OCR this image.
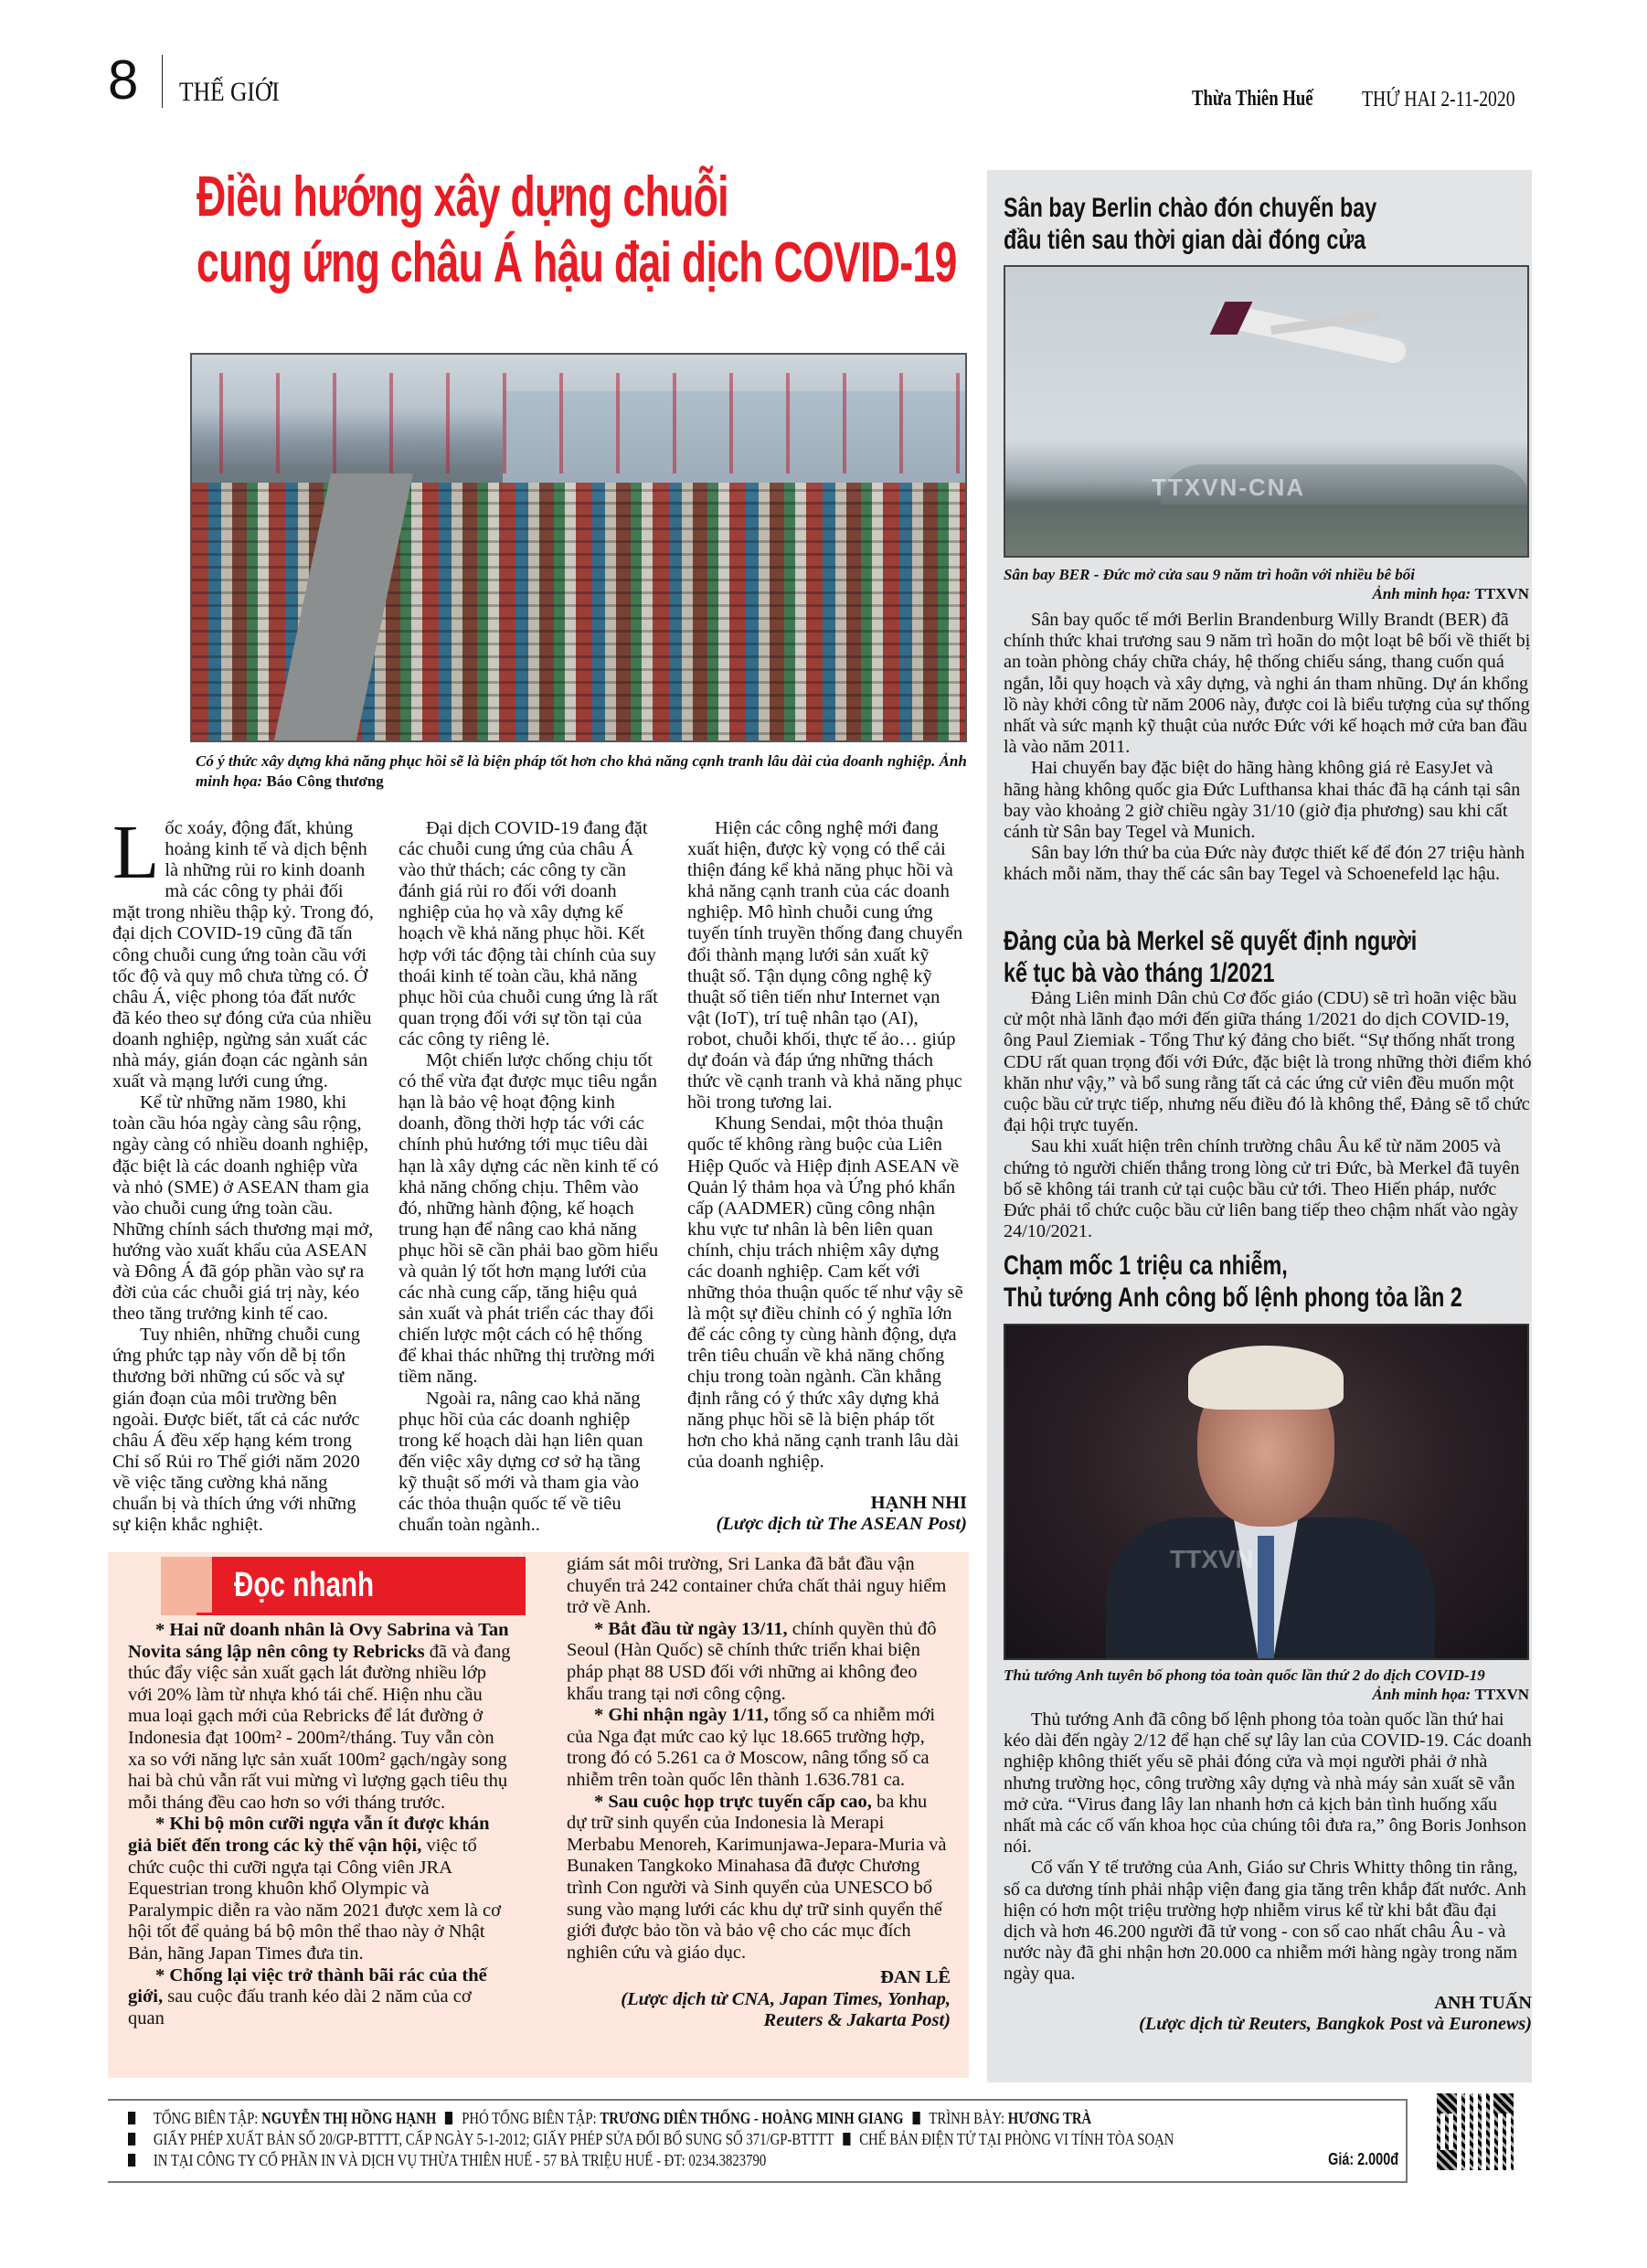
8 THẾ GIỚI	Thừa Thiên Huế THỨ HAI 2-11-2020
Điều hướng xây dựng chuỗi
cung ứng châu Á hậu đại dịch COVID-19
Có ý thức xây dựng khả năng phục hồi sẽ là biện pháp tốt hơn cho khả năng cạnh tranh lâu dài của doanh nghiệp. Ảnh minh họa: Báo Công thương

Lốc xoáy, động đất, khủng hoảng kinh tế và dịch bệnh là những rủi ro kinh doanh mà các công ty phải đối mặt trong nhiều thập kỷ. Trong đó, đại dịch COVID-19 cũng đã tấn công chuỗi cung ứng toàn cầu với tốc độ và quy mô chưa từng có. Ở châu Á, việc phong tỏa đất nước đã kéo theo sự đóng cửa của nhiều doanh nghiệp, ngừng sản xuất các nhà máy, gián đoạn các ngành sản xuất và mạng lưới cung ứng.

Kể từ những năm 1980, khi toàn cầu hóa ngày càng sâu rộng, ngày càng có nhiều doanh nghiệp, đặc biệt là các doanh nghiệp vừa và nhỏ (SME) ở ASEAN tham gia vào chuỗi cung ứng toàn cầu. Những chính sách thương mại mở, hướng vào xuất khẩu của ASEAN và Đông Á đã góp phần vào sự ra đời của các chuỗi giá trị này, kéo theo tăng trưởng kinh tế cao.

Tuy nhiên, những chuỗi cung ứng phức tạp này vốn dễ bị tổn thương bởi những cú sốc và sự gián đoạn của môi trường bên ngoài. Được biết, tất cả các nước châu Á đều xếp hạng kém trong Chỉ số Rủi ro Thế giới năm 2020 về việc tăng cường khả năng chuẩn bị và thích ứng với những sự kiện khắc nghiệt.

Đại dịch COVID-19 đang đặt các chuỗi cung ứng của châu Á vào thử thách; các công ty cần đánh giá rủi ro đối với doanh nghiệp của họ và xây dựng kế hoạch về khả năng phục hồi. Kết hợp với tác động tài chính của suy thoái kinh tế toàn cầu, khả năng phục hồi của chuỗi cung ứng là rất quan trọng đối với sự tồn tại của các công ty riêng lẻ.

Một chiến lược chống chịu tốt có thể vừa đạt được mục tiêu ngắn hạn là bảo vệ hoạt động kinh doanh, đồng thời hợp tác với các chính phủ hướng tới mục tiêu dài hạn là xây dựng các nền kinh tế có khả năng chống chịu. Thêm vào đó, những hành động, kế hoạch trung hạn để nâng cao khả năng phục hồi sẽ cần phải bao gồm hiểu và quản lý tốt hơn mạng lưới của các nhà cung cấp, tăng hiệu quả sản xuất và phát triển các thay đổi chiến lược một cách có hệ thống để khai thác những thị trường mới tiềm năng.

Ngoài ra, nâng cao khả năng phục hồi của các doanh nghiệp trong kế hoạch dài hạn liên quan đến việc xây dựng cơ sở hạ tầng kỹ thuật số mới và tham gia vào các thỏa thuận quốc tế về tiêu chuẩn toàn ngành..

Hiện các công nghệ mới đang xuất hiện, được kỳ vọng có thể cải thiện đáng kể khả năng phục hồi và khả năng cạnh tranh của các doanh nghiệp. Mô hình chuỗi cung ứng tuyến tính truyền thống đang chuyển đổi thành mạng lưới sản xuất kỹ thuật số. Tận dụng công nghệ kỹ thuật số tiên tiến như Internet vạn vật (IoT), trí tuệ nhân tạo (AI), robot, chuỗi khối, thực tế ảo… giúp dự đoán và đáp ứng những thách thức về cạnh tranh và khả năng phục hồi trong tương lai.

Khung Sendai, một thỏa thuận quốc tế không ràng buộc của Liên Hiệp Quốc và Hiệp định ASEAN về Quản lý thảm họa và Ứng phó khẩn cấp (AADMER) cũng công nhận khu vực tư nhân là bên liên quan chính, chịu trách nhiệm xây dựng các doanh nghiệp. Cam kết với những thỏa thuận quốc tế như vậy sẽ là một sự điều chỉnh có ý nghĩa lớn để các công ty cùng hành động, dựa trên tiêu chuẩn về khả năng chống chịu trong toàn ngành. Cần khẳng định rằng có ý thức xây dựng khả năng phục hồi sẽ là biện pháp tốt hơn cho khả năng cạnh tranh lâu dài của doanh nghiệp.

HẠNH NHI
(Lược dịch từ The ASEAN Post)
Đọc nhanh

* Hai nữ doanh nhân là Ovy Sabrina và Tan Novita sáng lập nên công ty Rebricks đã và đang thúc đẩy việc sản xuất gạch lát đường nhiều lớp với 20% làm từ nhựa khó tái chế. Hiện nhu cầu mua loại gạch mới của Rebricks để lát đường ở Indonesia đạt 100m² - 200m²/tháng. Tuy vẫn còn xa so với năng lực sản xuất 100m² gạch/ngày song hai bà chủ vẫn rất vui mừng vì lượng gạch tiêu thụ mỗi tháng đều cao hơn so với tháng trước.

* Khi bộ môn cưỡi ngựa vẫn ít được khán giả biết đến trong các kỳ thế vận hội, việc tổ chức cuộc thi cưỡi ngựa tại Công viên JRA Equestrian trong khuôn khổ Olympic và Paralympic diễn ra vào năm 2021 được xem là cơ hội tốt để quảng bá bộ môn thể thao này ở Nhật Bản, hãng Japan Times đưa tin.

* Chống lại việc trở thành bãi rác của thế giới, sau cuộc đấu tranh kéo dài 2 năm của cơ quan

giám sát môi trường, Sri Lanka đã bắt đầu vận chuyển trả 242 container chứa chất thải nguy hiểm trở về Anh.

* Bắt đầu từ ngày 13/11, chính quyền thủ đô Seoul (Hàn Quốc) sẽ chính thức triển khai biện pháp phạt 88 USD đối với những ai không đeo khẩu trang tại nơi công cộng.

* Ghi nhận ngày 1/11, tổng số ca nhiễm mới của Nga đạt mức cao kỷ lục 18.665 trường hợp, trong đó có 5.261 ca ở Moscow, nâng tổng số ca nhiễm trên toàn quốc lên thành 1.636.781 ca.

* Sau cuộc họp trực tuyến cấp cao, ba khu dự trữ sinh quyển của Indonesia là Merapi Merbabu Menoreh, Karimunjawa-Jepara-Muria và Bunaken Tangkoko Minahasa đã được Chương trình Con người và Sinh quyển của UNESCO bổ sung vào mạng lưới các khu dự trữ sinh quyển thế giới được bảo tồn và bảo vệ cho các mục đích nghiên cứu và giáo dục.

ĐAN LÊ
(Lược dịch từ CNA, Japan Times, Yonhap, Reuters & Jakarta Post)
Sân bay Berlin chào đón chuyến bay
đầu tiên sau thời gian dài đóng cửa
TTXVN-CNA
Sân bay BER - Đức mở cửa sau 9 năm trì hoãn với nhiều bê bối
Ảnh minh họa: TTXVN

Sân bay quốc tế mới Berlin Brandenburg Willy Brandt (BER) đã chính thức khai trương sau 9 năm trì hoãn do một loạt bê bối về thiết bị an toàn phòng cháy chữa cháy, hệ thống chiếu sáng, thang cuốn quá ngắn, lỗi quy hoạch và xây dựng, và nghi án tham nhũng. Dự án khổng lồ này khởi công từ năm 2006 này, được coi là biểu tượng của sự thống nhất và sức mạnh kỹ thuật của nước Đức với kế hoạch mở cửa ban đầu là vào năm 2011.

Hai chuyến bay đặc biệt do hãng hàng không giá rẻ EasyJet và hãng hàng không quốc gia Đức Lufthansa khai thác đã hạ cánh tại sân bay vào khoảng 2 giờ chiều ngày 31/10 (giờ địa phương) sau khi cất cánh từ Sân bay Tegel và Munich.

Sân bay lớn thứ ba của Đức này được thiết kế để đón 27 triệu hành khách mỗi năm, thay thế các sân bay Tegel và Schoenefeld lạc hậu.

Đảng của bà Merkel sẽ quyết định người
kế tục bà vào tháng 1/2021

Đảng Liên minh Dân chủ Cơ đốc giáo (CDU) sẽ trì hoãn việc bầu cử một nhà lãnh đạo mới đến giữa tháng 1/2021 do dịch COVID-19, ông Paul Ziemiak - Tổng Thư ký đảng cho biết. “Sự thống nhất trong CDU rất quan trọng đối với Đức, đặc biệt là trong những thời điểm khó khăn như vậy,” và bổ sung rằng tất cả các ứng cử viên đều muốn một cuộc bầu cử trực tiếp, nhưng nếu điều đó là không thể, Đảng sẽ tổ chức đại hội trực tuyến.

Sau khi xuất hiện trên chính trường châu Âu kể từ năm 2005 và chứng tỏ người chiến thắng trong lòng cử tri Đức, bà Merkel đã tuyên bố sẽ không tái tranh cử tại cuộc bầu cử tới. Theo Hiến pháp, nước Đức phải tổ chức cuộc bầu cử liên bang tiếp theo chậm nhất vào ngày 24/10/2021.

Chạm mốc 1 triệu ca nhiễm,
Thủ tướng Anh công bố lệnh phong tỏa lần 2
TTXVN
Thủ tướng Anh tuyên bố phong tỏa toàn quốc lần thứ 2 do dịch COVID-19
Ảnh minh họa: TTXVN

Thủ tướng Anh đã công bố lệnh phong tỏa toàn quốc lần thứ hai kéo dài đến ngày 2/12 để hạn chế sự lây lan của COVID-19. Các doanh nghiệp không thiết yếu sẽ phải đóng cửa và mọi người phải ở nhà nhưng trường học, công trường xây dựng và nhà máy sản xuất sẽ vẫn mở cửa. “Virus đang lây lan nhanh hơn cả kịch bản tình huống xấu nhất mà các cố vấn khoa học của chúng tôi đưa ra,” ông Boris Jonhson nói.

Cố vấn Y tế trưởng của Anh, Giáo sư Chris Whitty thông tin rằng, số ca dương tính phải nhập viện đang gia tăng trên khắp đất nước. Anh hiện có hơn một triệu trường hợp nhiễm virus kể từ khi bắt đầu đại dịch và hơn 46.200 người đã tử vong - con số cao nhất châu Âu - và nước này đã ghi nhận hơn 20.000 ca nhiễm mới hàng ngày trong năm ngày qua.

ANH TUẤN
(Lược dịch từ Reuters, Bangkok Post và Euronews)
TỔNG BIÊN TẬP: NGUYỄN THỊ HỒNG HẠNH PHÓ TỔNG BIÊN TẬP: TRƯƠNG DIÊN THỐNG - HOÀNG MINH GIANG TRÌNH BÀY: HƯƠNG TRÀ
GIẤY PHÉP XUẤT BẢN SỐ 20/GP-BTTTT, CẤP NGÀY 5-1-2012; GIẤY PHÉP SỬA ĐỔI BỔ SUNG SỐ 371/GP-BTTTT CHẾ BẢN ĐIỆN TỬ TẠI PHÒNG VI TÍNH TÒA SOẠN
IN TẠI CÔNG TY CỔ PHẦN IN VÀ DỊCH VỤ THỪA THIÊN HUẾ - 57 BÀ TRIỆU HUẾ - ĐT: 0234.3823790	Giá: 2.000đ
